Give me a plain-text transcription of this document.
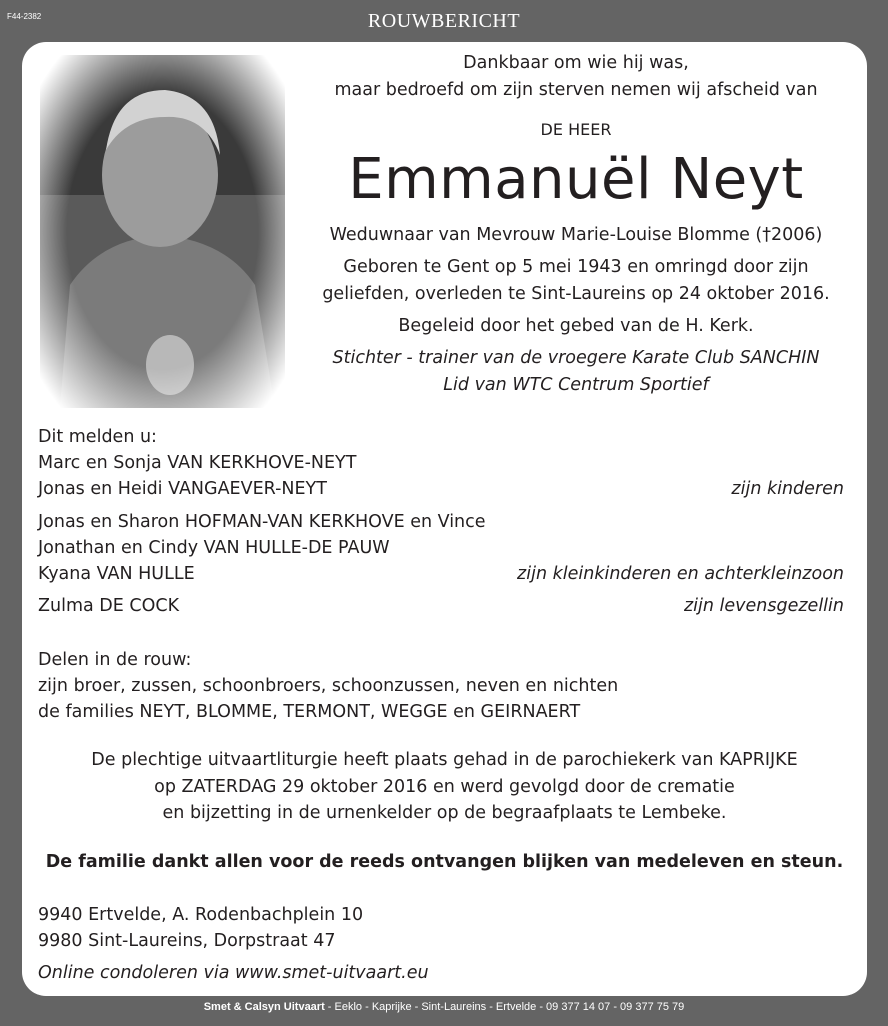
F44-2382	ROUWBERICHT
Dankbaar om wie hij was,
maar bedroefd om zijn sterven nemen wij afscheid van
DE HEER
Emmanuël Neyt
Weduwnaar van Mevrouw Marie-Louise Blomme (†2006)
Geboren te Gent op 5 mei 1943 en omringd door zijn
geliefden, overleden te Sint-Laureins op 24 oktober 2016.
Begeleid door het gebed van de H. Kerk.
Stichter - trainer van de vroegere Karate Club SANCHIN
Lid van WTC Centrum Sportief
Dit melden u:
Marc en Sonja VAN KERKHOVE-NEYT
Jonas en Heidi VANGAEVER-NEYT	zijn kinderen
Jonas en Sharon HOFMAN-VAN KERKHOVE en Vince
Jonathan en Cindy VAN HULLE-DE PAUW
Kyana VAN HULLE	zijn kleinkinderen en achterkleinzoon
Zulma DE COCK	zijn levensgezellin
Delen in de rouw:
zijn broer, zussen, schoonbroers, schoonzussen, neven en nichten
de families NEYT, BLOMME, TERMONT, WEGGE en GEIRNAERT
De plechtige uitvaartliturgie heeft plaats gehad in de parochiekerk van KAPRIJKE
op ZATERDAG 29 oktober 2016 en werd gevolgd door de crematie
en bijzetting in de urnenkelder op de begraafplaats te Lembeke.
De familie dankt allen voor de reeds ontvangen blijken van medeleven en steun.
9940 Ertvelde, A. Rodenbachplein 10
9980 Sint-Laureins, Dorpstraat 47
Online condoleren via www.smet-uitvaart.eu
Smet & Calsyn Uitvaart - Eeklo - Kaprijke - Sint-Laureins - Ertvelde - 09 377 14 07 - 09 377 75 79
